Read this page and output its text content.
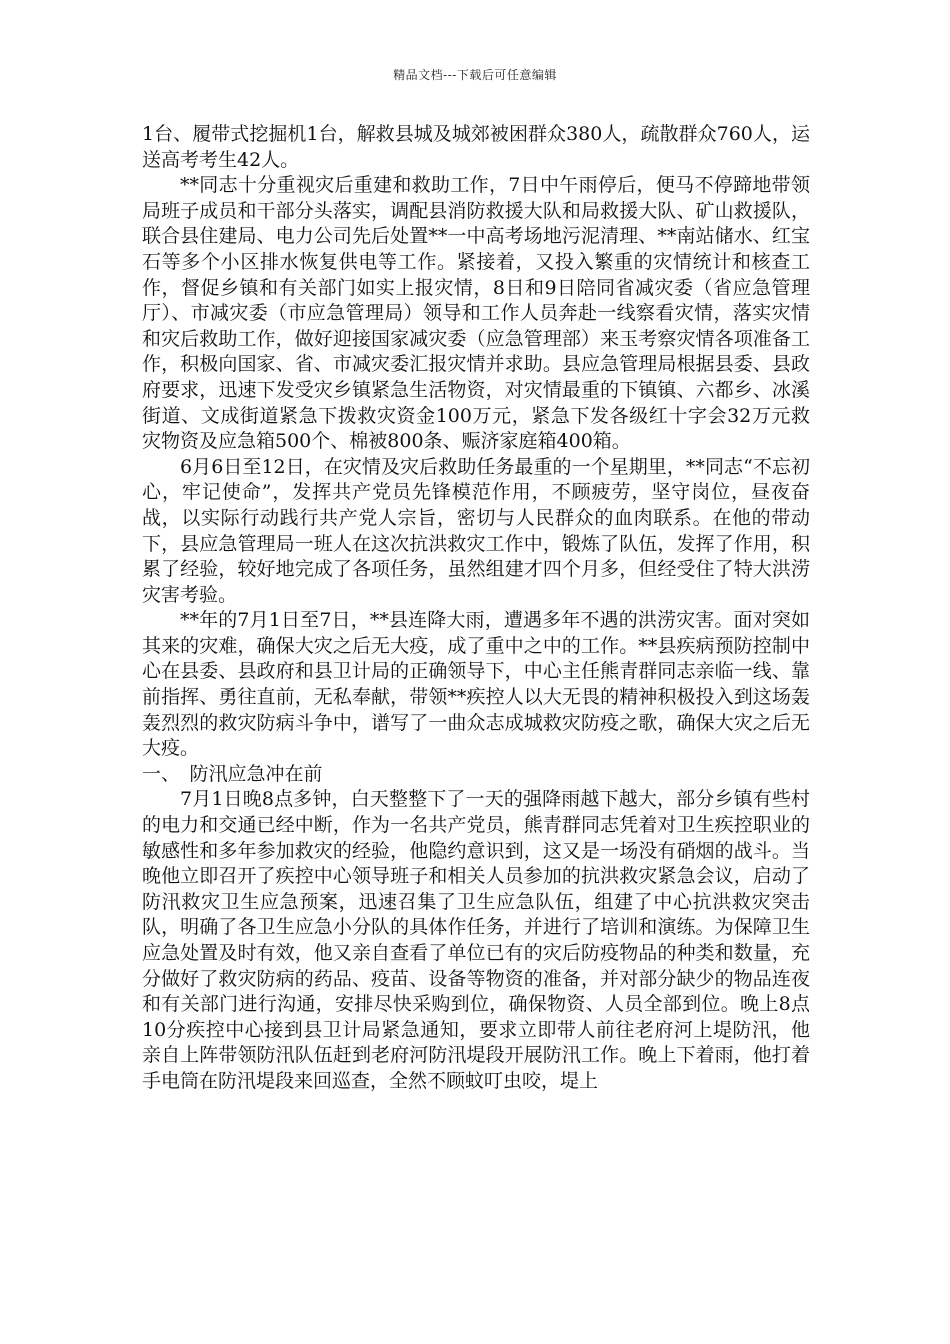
精品文档---下载后可任意编辑

1台、履带式挖掘机1台，解救县城及城郊被困群众380人，疏散群众760人，运送高考考生42人。

**同志十分重视灾后重建和救助工作，7日中午雨停后，便马不停蹄地带领局班子成员和干部分头落实，调配县消防救援大队和局救援大队、矿山救援队，联合县住建局、电力公司先后处置**一中高考场地污泥清理、**南站储水、红宝石等多个小区排水恢复供电等工作。紧接着，又投入繁重的灾情统计和核查工作，督促乡镇和有关部门如实上报灾情，8日和9日陪同省减灾委（省应急管理厅）、市减灾委（市应急管理局）领导和工作人员奔赴一线察看灾情，落实灾情和灾后救助工作，做好迎接国家减灾委（应急管理部）来玉考察灾情各项准备工作，积极向国家、省、市减灾委汇报灾情并求助。县应急管理局根据县委、县政府要求，迅速下发受灾乡镇紧急生活物资，对灾情最重的下镇镇、六都乡、冰溪街道、文成街道紧急下拨救灾资金100万元，紧急下发各级红十字会32万元救灾物资及应急箱500个、棉被800条、赈济家庭箱400箱。

6月6日至12日，在灾情及灾后救助任务最重的一个星期里，**同志“不忘初心，牢记使命”，发挥共产党员先锋模范作用，不顾疲劳，坚守岗位，昼夜奋战，以实际行动践行共产党人宗旨，密切与人民群众的血肉联系。在他的带动下，县应急管理局一班人在这次抗洪救灾工作中，锻炼了队伍，发挥了作用，积累了经验，较好地完成了各项任务，虽然组建才四个月多，但经受住了特大洪涝灾害考验。

**年的7月1日至7日，**县连降大雨，遭遇多年不遇的洪涝灾害。面对突如其来的灾难，确保大灾之后无大疫，成了重中之中的工作。**县疾病预防控制中心在县委、县政府和县卫计局的正确领导下，中心主任熊青群同志亲临一线、靠前指挥、勇往直前，无私奉献，带领**疾控人以大无畏的精神积极投入到这场轰轰烈烈的救灾防病斗争中，谱写了一曲众志成城救灾防疫之歌，确保大灾之后无大疫。

一、　防汛应急冲在前

7月1日晚8点多钟，白天整整下了一天的强降雨越下越大，部分乡镇有些村的电力和交通已经中断，作为一名共产党员，熊青群同志凭着对卫生疾控职业的敏感性和多年参加救灾的经验，他隐约意识到，这又是一场没有硝烟的战斗。当晚他立即召开了疾控中心领导班子和相关人员参加的抗洪救灾紧急会议，启动了防汛救灾卫生应急预案，迅速召集了卫生应急队伍，组建了中心抗洪救灾突击队，明确了各卫生应急小分队的具体作任务，并进行了培训和演练。为保障卫生应急处置及时有效，他又亲自查看了单位已有的灾后防疫物品的种类和数量，充分做好了救灾防病的药品、疫苗、设备等物资的准备，并对部分缺少的物品连夜和有关部门进行沟通，安排尽快采购到位，确保物资、人员全部到位。晚上8点10分疾控中心接到县卫计局紧急通知，要求立即带人前往老府河上堤防汛，他亲自上阵带领防汛队伍赶到老府河防汛堤段开展防汛工作。晚上下着雨，他打着手电筒在防汛堤段来回巡查，全然不顾蚊叮虫咬，堤上
